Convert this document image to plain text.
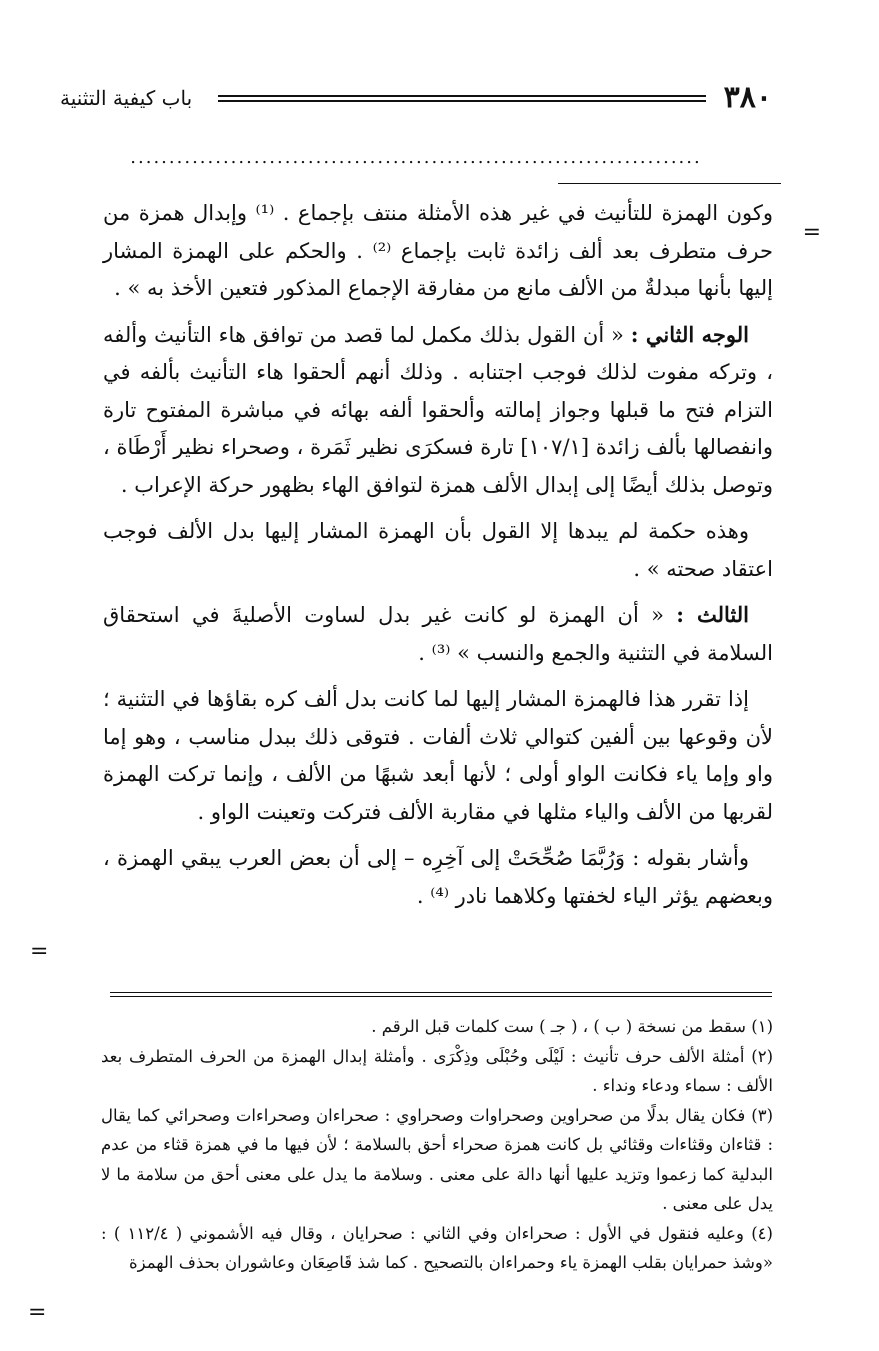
٣٨٠
باب كيفية التثنية
..........................................................................
=
=
=

وكون الهمزة للتأنيث في غير هذه الأمثلة منتف بإجماع . ⁽¹⁾ وإبدال همزة من حرف متطرف بعد ألف زائدة ثابت بإجماع ⁽²⁾ . والحكم على الهمزة المشار إليها بأنها مبدلةٌ من الألف مانع من مفارقة الإجماع المذكور فتعين الأخذ به » .

الوجه الثاني : « أن القول بذلك مكمل لما قصد من توافق هاء التأنيث وألفه ، وتركه مفوت لذلك فوجب اجتنابه . وذلك أنهم ألحقوا هاء التأنيث بألفه في التزام فتح ما قبلها وجواز إمالته وألحقوا ألفه بهائه في مباشرة المفتوح تارة وانفصالها بألف زائدة [١٠٧/١] تارة فسكرَى نظير ثَمَرة ، وصحراء نظير أَرْطَاة ، وتوصل بذلك أيضًا إلى إبدال الألف همزة لتوافق الهاء بظهور حركة الإعراب .

وهذه حكمة لم يبدها إلا القول بأن الهمزة المشار إليها بدل الألف فوجب اعتقاد صحته » .

الثالث : « أن الهمزة لو كانت غير بدل لساوت الأصليةَ في استحقاق السلامة في التثنية والجمع والنسب » ⁽³⁾ .

إذا تقرر هذا فالهمزة المشار إليها لما كانت بدل ألف كره بقاؤها في التثنية ؛ لأن وقوعها بين ألفين كتوالي ثلاث ألفات . فتوقى ذلك ببدل مناسب ، وهو إما واو وإما ياء فكانت الواو أولى ؛ لأنها أبعد شبهًا من الألف ، وإنما تركت الهمزة لقربها من الألف والياء مثلها في مقاربة الألف فتركت وتعينت الواو .

وأشار بقوله : وَرُبَّمَا صُحِّحَتْ إلى آخِرِه – إلى أن بعض العرب يبقي الهمزة ، وبعضهم يؤثر الياء لخفتها وكلاهما نادر ⁽⁴⁾ .

(١) سقط من نسخة ( ب ) ، ( جـ ) ست كلمات قبل الرقم .

(٢) أمثلة الألف حرف تأنيث : لَيْلَى وحُبْلَى وذِكْرَى . وأمثلة إبدال الهمزة من الحرف المتطرف بعد الألف : سماء ودعاء ونداء .

(٣) فكان يقال بدلًا من صحراوين وصحراوات وصحراوي : صحراءان وصحراءات وصحرائي كما يقال : قثاءان وقثاءات وقثائي بل كانت همزة صحراء أحق بالسلامة ؛ لأن فيها ما في همزة قثاء من عدم البدلية كما زعموا وتزيد عليها أنها دالة على معنى . وسلامة ما يدل على معنى أحق من سلامة ما لا يدل على معنى .

(٤) وعليه فنقول في الأول : صحراءان وفي الثاني : صحرايان ، وقال فيه الأشموني ( ١١٢/٤ ) : «وشذ حمرايان بقلب الهمزة ياء وحمراءان بالتصحيح . كما شذ قَاصِعَان وعاشوران بحذف الهمزة
